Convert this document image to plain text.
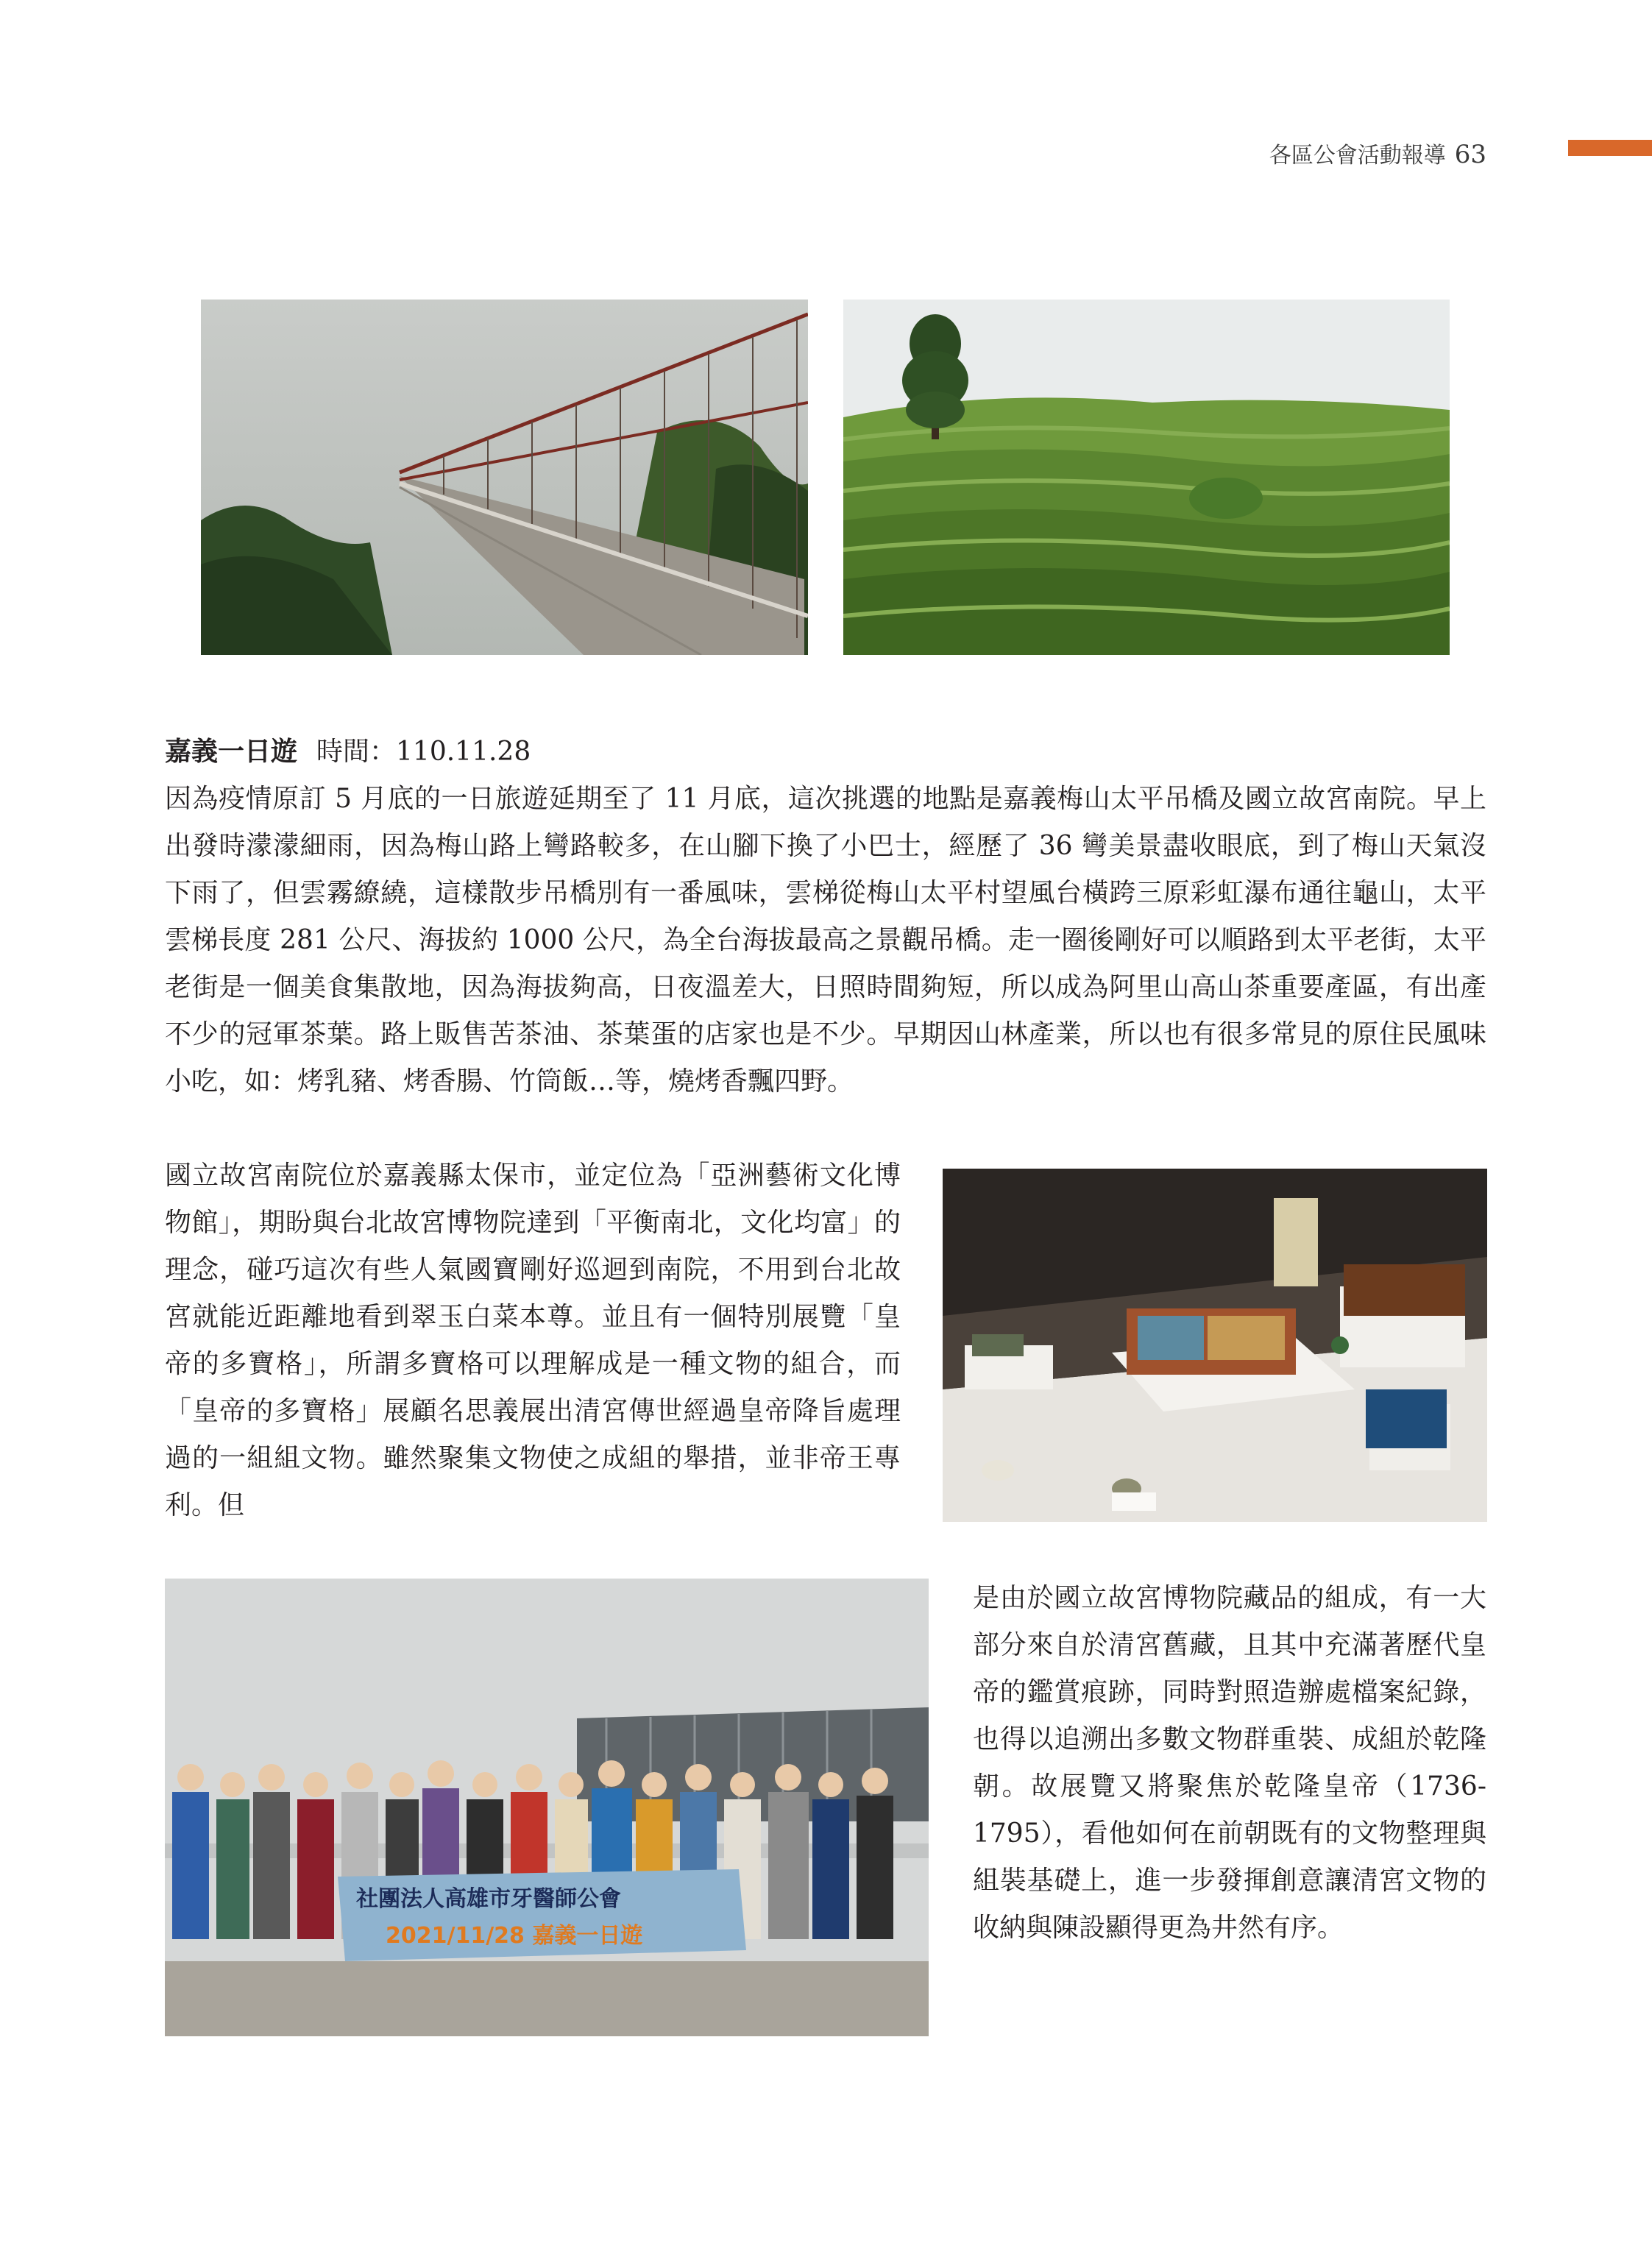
各區公會活動報導 63
社團法人高雄市牙醫師公會
2021/11/28 嘉義一日遊

嘉義一日遊 時間：110.11.28

因為疫情原訂 5 月底的一日旅遊延期至了 11 月底，這次挑選的地點是嘉義梅山太平吊橋及國立故宮南院。早上出發時濛濛細雨，因為梅山路上彎路較多，在山腳下換了小巴士，經歷了 36 彎美景盡收眼底，到了梅山天氣沒下雨了，但雲霧繚繞，這樣散步吊橋別有一番風味，雲梯從梅山太平村望風台橫跨三原彩虹瀑布通往龜山，太平雲梯長度 281 公尺、海拔約 1000 公尺，為全台海拔最高之景觀吊橋。走一圈後剛好可以順路到太平老街，太平老街是一個美食集散地，因為海拔夠高，日夜溫差大，日照時間夠短，所以成為阿里山高山茶重要產區，有出產不少的冠軍茶葉。路上販售苦茶油、茶葉蛋的店家也是不少。早期因山林產業，所以也有很多常見的原住民風味小吃，如：烤乳豬、烤香腸、竹筒飯…等，燒烤香飄四野。

國立故宮南院位於嘉義縣太保市，並定位為「亞洲藝術文化博物館」，期盼與台北故宮博物院達到「平衡南北，文化均富」的理念，碰巧這次有些人氣國寶剛好巡迴到南院，不用到台北故宮就能近距離地看到翠玉白菜本尊。並且有一個特別展覽「皇帝的多寶格」，所謂多寶格可以理解成是一種文物的組合，而「皇帝的多寶格」展顧名思義展出清宮傳世經過皇帝降旨處理過的一組組文物。雖然聚集文物使之成組的舉措，並非帝王專利。但

是由於國立故宮博物院藏品的組成，有一大部分來自於清宮舊藏，且其中充滿著歷代皇帝的鑑賞痕跡，同時對照造辦處檔案紀錄，也得以追溯出多數文物群重裝、成組於乾隆朝。故展覽又將聚焦於乾隆皇帝（1736-1795），看他如何在前朝既有的文物整理與組裝基礎上，進一步發揮創意讓清宮文物的收納與陳設顯得更為井然有序。
